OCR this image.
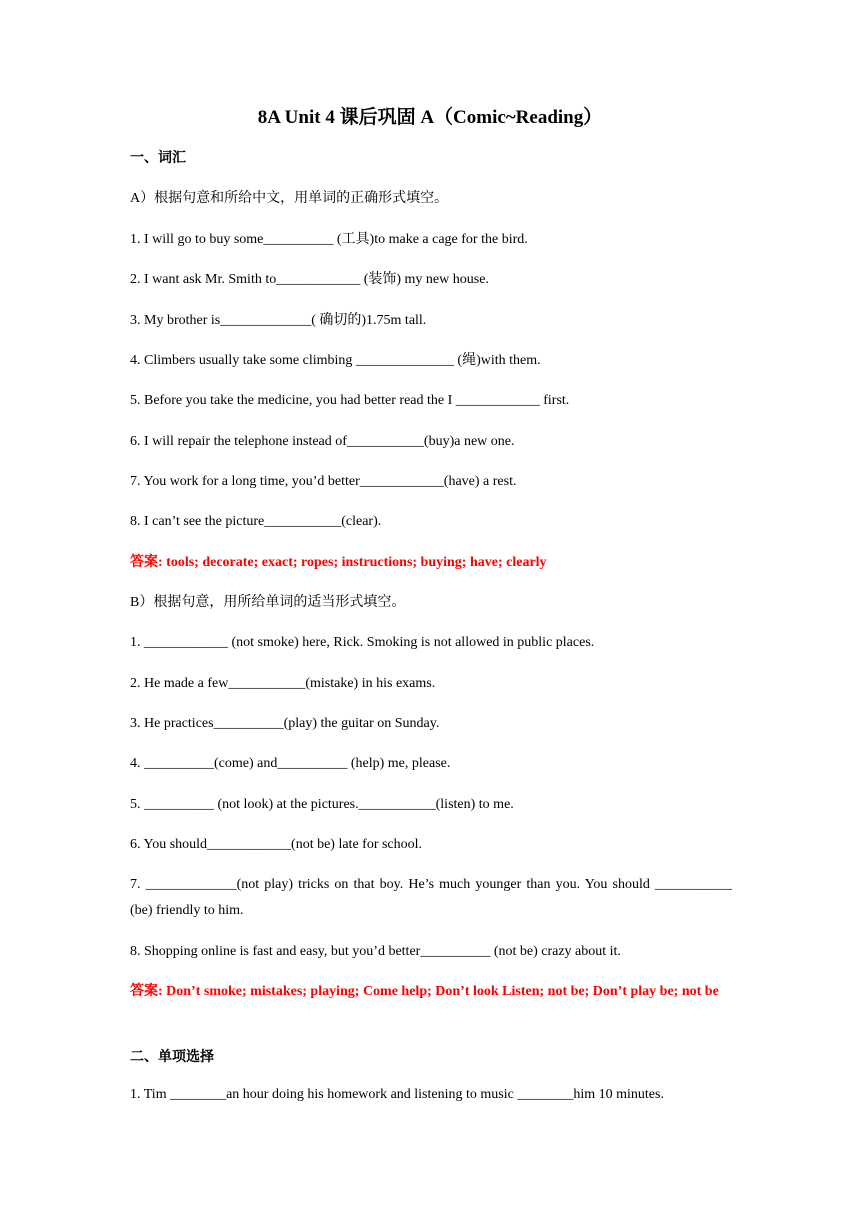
8A Unit 4 课后巩固 A（Comic~Reading）
一、词汇
A）根据句意和所给中文，用单词的正确形式填空。
1. I will go to buy some__________ (工具)to make a cage for the bird.
2. I want ask Mr. Smith to____________ (装饰) my new house.
3. My brother is_____________( 确切的)1.75m tall.
4. Climbers usually take some climbing ______________ (绳)with them.
5. Before you take the medicine, you had better read the I ____________ first.
6. I will repair the telephone instead of___________(buy)a new one.
7. You work for a long time, you’d better____________(have) a rest.
8. I can’t see the picture___________(clear).
答案: tools; decorate; exact; ropes; instructions; buying; have; clearly
B）根据句意，用所给单词的适当形式填空。
1. ____________ (not smoke) here, Rick. Smoking is not allowed in public places.
2. He made a few___________(mistake) in his exams.
3. He practices__________(play) the guitar on Sunday.
4. __________(come) and__________ (help) me, please.
5. __________ (not look) at the pictures.___________(listen) to me.
6. You should____________(not be) late for school.
7. _____________(not play) tricks on that boy. He’s much younger than you. You should ___________ (be) friendly to him.
8. Shopping online is fast and easy, but you’d better__________ (not be) crazy about it.
答案: Don’t smoke; mistakes; playing; Come help; Don’t look Listen; not be; Don’t play be; not be
二、单项选择
1. Tim ________an hour doing his homework and listening to music ________him 10 minutes.
